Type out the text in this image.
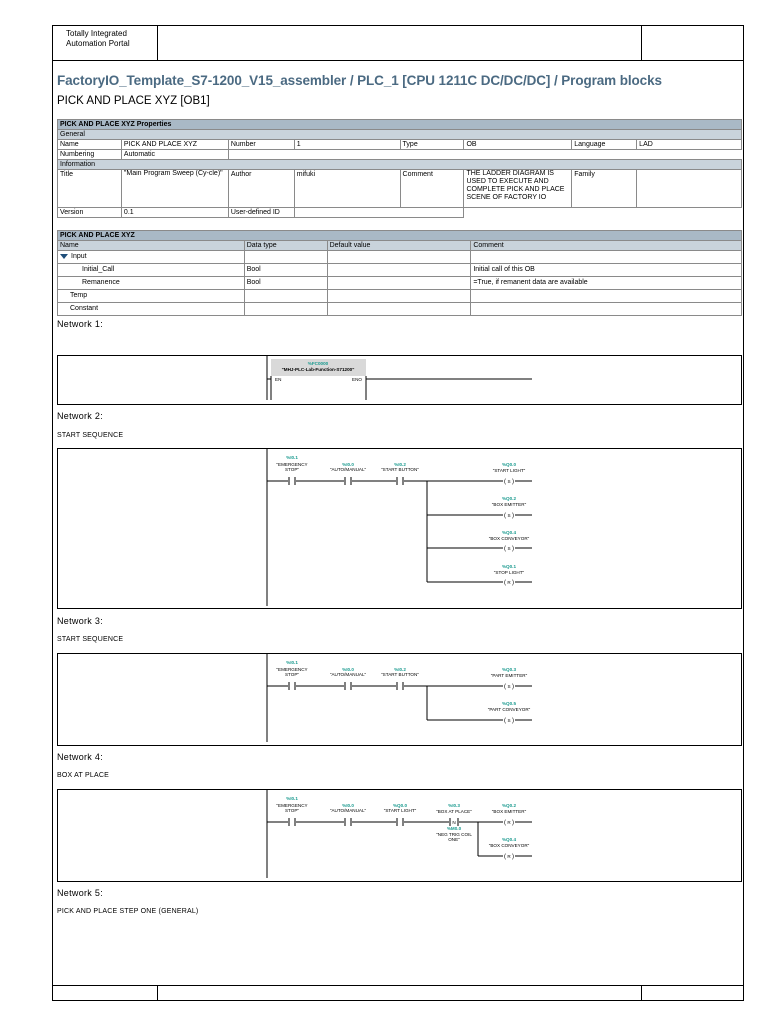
Totally Integrated
Automation Portal
FactoryIO_Template_S7-1200_V15_assembler / PLC_1 [CPU 1211C DC/DC/DC] / Program blocks
PICK AND PLACE XYZ [OB1]
PICK AND PLACE XYZ Properties							
General							
Name	PICK AND PLACE XYZ	Number	1	Type	OB	Language	LAD
Numbering	Automatic						
Information							
Title	"Main Program Sweep (Cy-cle)"	Author	mifuki	Comment	THE LADDER DIAGRAM IS USED TO EXECUTE AND COMPLETE PICK AND PLACE SCENE OF FACTORY IO	Family	
Version	0.1	User-defined ID					
PICK AND PLACE XYZ			
Name	Data type	Default value	Comment
Input			
Initial_Call	Bool		Initial call of this OB
Remanence	Bool		=True, if remanent data are available
Temp			
Constant			
Network 1:
%FC0000
"MHJ-PLC-Lab-Function-S71200"
EN	ENO
Network 2:
START SEQUENCE
%I0.1
"EMERGENCY
STOP"
%I0.0
"AUTO/MANUAL"
%I0.2
"START BUTTON"
%Q0.0
"START LIGHT"
( )
S
%Q0.2
"BOX EMITTER"
( )
S
%Q0.4
"BOX CONVEYOR"
( )
S
%Q0.1
"STOP LIGHT"
( )
R
Network 3:
START SEQUENCE
%I0.1
"EMERGENCY
STOP"
%I0.0
"AUTO/MANUAL"
%I0.2
"START BUTTON"
%Q0.3
"PART EMITTER"
( )
S
%Q0.5
"PART CONVEYOR"
( )
S
Network 4:
BOX AT PLACE
%I0.1
"EMERGENCY
STOP"
%I0.0
"AUTO/MANUAL"
%Q0.0
"START LIGHT"
%I0.3
"BOX AT PLACE"
N
%M0.0
"NEG TRIG COIL
ONE"
%Q0.2
"BOX EMITTER"
( )
R
%Q0.4
"BOX CONVEYOR"
( )
R
Network 5:
PICK AND PLACE STEP ONE (GENERAL)
